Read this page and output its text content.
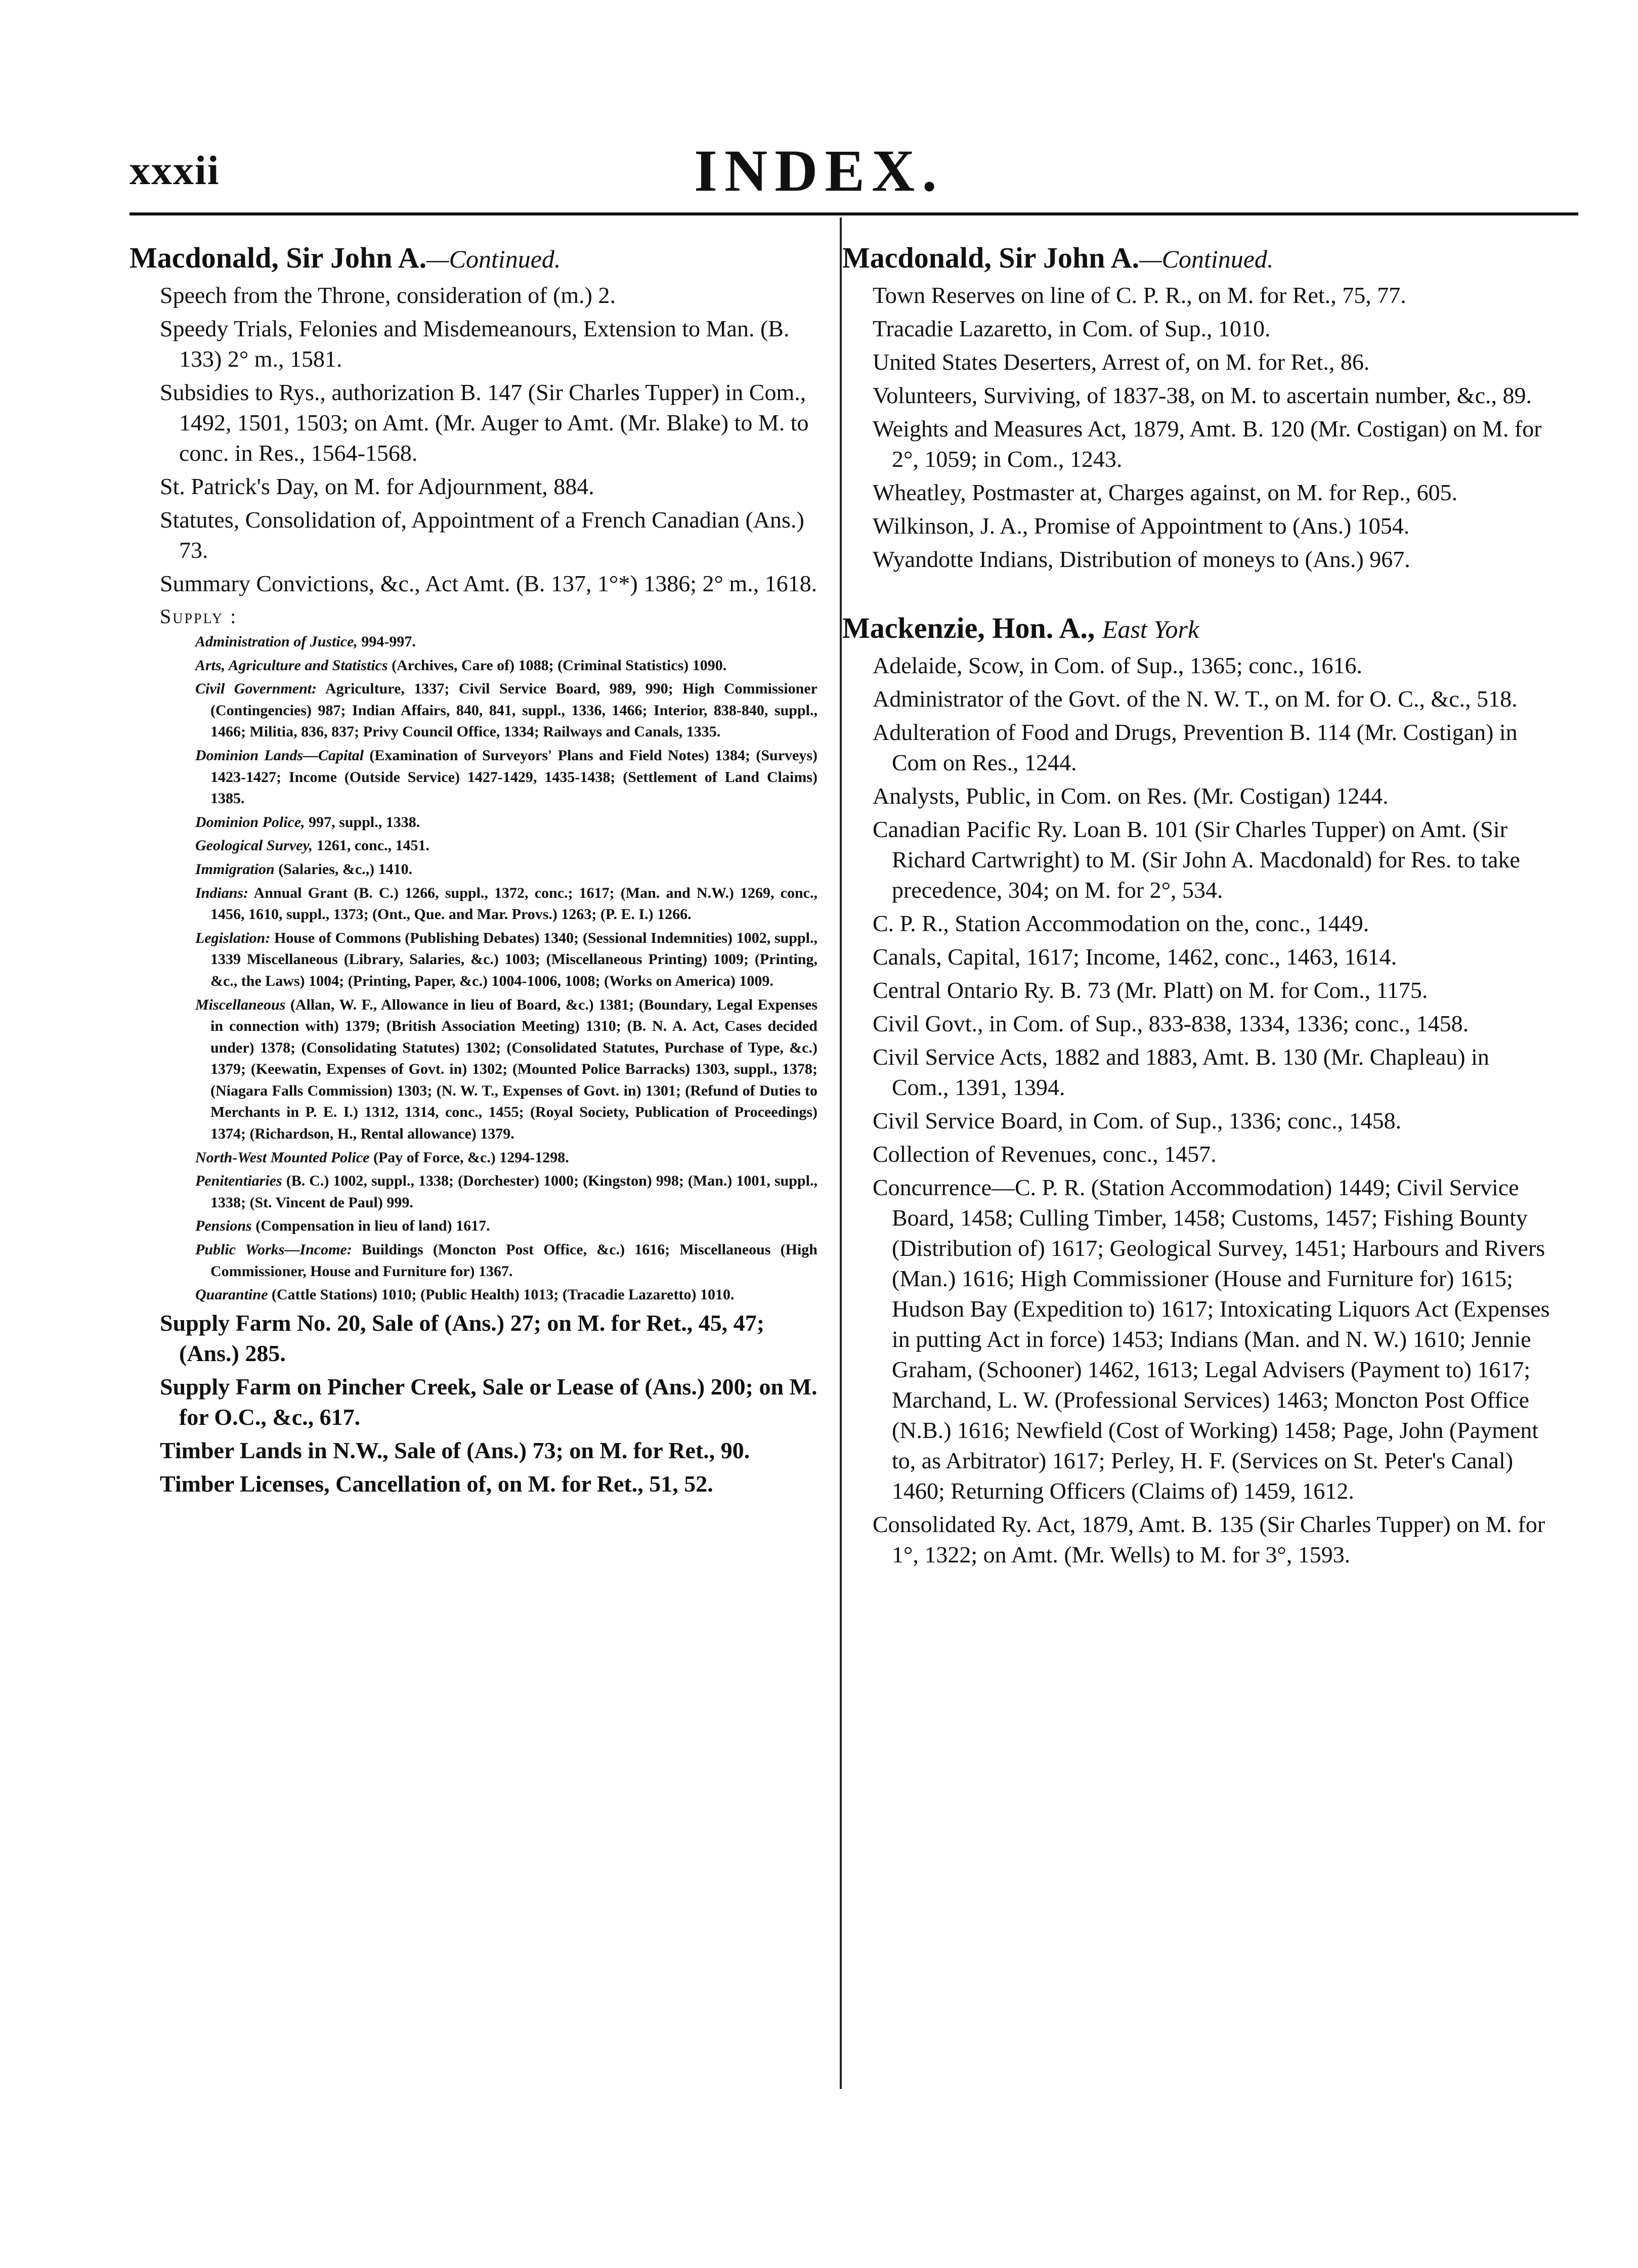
xxxii	INDEX.
Macdonald, Sir John A.—Continued.
Speech from the Throne, consideration of (m.) 2.
Speedy Trials, Felonies and Misdemeanours, Extension to Man. (B. 133) 2° m., 1581.
Subsidies to Rys., authorization B. 147 (Sir Charles Tupper) in Com., 1492, 1501, 1503; on Amt. (Mr. Auger to Amt. (Mr. Blake) to M. to conc. in Res., 1564-1568.
St. Patrick's Day, on M. for Adjournment, 884.
Statutes, Consolidation of, Appointment of a French Canadian (Ans.) 73.
Summary Convictions, &c., Act Amt. (B. 137, 1°*) 1386; 2° m., 1618.
Supply :
Administration of Justice, 994-997.
Arts, Agriculture and Statistics (Archives, Care of) 1088; (Criminal Statistics) 1090.
Civil Government: Agriculture, 1337; Civil Service Board, 989, 990; High Commissioner (Contingencies) 987; Indian Affairs, 840, 841, suppl., 1336, 1466; Interior, 838-840, suppl., 1466; Militia, 836, 837; Privy Council Office, 1334; Railways and Canals, 1335.
Dominion Lands—Capital (Examination of Surveyors' Plans and Field Notes) 1384; (Surveys) 1423-1427; Income (Outside Service) 1427-1429, 1435-1438; (Settlement of Land Claims) 1385.
Dominion Police, 997, suppl., 1338.
Geological Survey, 1261, conc., 1451.
Immigration (Salaries, &c.,) 1410.
Indians: Annual Grant (B. C.) 1266, suppl., 1372, conc.; 1617; (Man. and N.W.) 1269, conc., 1456, 1610, suppl., 1373; (Ont., Que. and Mar. Provs.) 1263; (P. E. I.) 1266.
Legislation: House of Commons (Publishing Debates) 1340; (Sessional Indemnities) 1002, suppl., 1339 Miscellaneous (Library, Salaries, &c.) 1003; (Miscellaneous Printing) 1009; (Printing, &c., the Laws) 1004; (Printing, Paper, &c.) 1004-1006, 1008; (Works on America) 1009.
Miscellaneous (Allan, W. F., Allowance in lieu of Board, &c.) 1381; (Boundary, Legal Expenses in connection with) 1379; (British Association Meeting) 1310; (B. N. A. Act, Cases decided under) 1378; (Consolidating Statutes) 1302; (Consolidated Statutes, Purchase of Type, &c.) 1379; (Keewatin, Expenses of Govt. in) 1302; (Mounted Police Barracks) 1303, suppl., 1378; (Niagara Falls Commission) 1303; (N. W. T., Expenses of Govt. in) 1301; (Refund of Duties to Merchants in P. E. I.) 1312, 1314, conc., 1455; (Royal Society, Publication of Proceedings) 1374; (Richardson, H., Rental allowance) 1379.
North-West Mounted Police (Pay of Force, &c.) 1294-1298.
Penitentiaries (B. C.) 1002, suppl., 1338; (Dorchester) 1000; (Kingston) 998; (Man.) 1001, suppl., 1338; (St. Vincent de Paul) 999.
Pensions (Compensation in lieu of land) 1617.
Public Works—Income: Buildings (Moncton Post Office, &c.) 1616; Miscellaneous (High Commissioner, House and Furniture for) 1367.
Quarantine (Cattle Stations) 1010; (Public Health) 1013; (Tracadie Lazaretto) 1010.
Supply Farm No. 20, Sale of (Ans.) 27; on M. for Ret., 45, 47; (Ans.) 285.
Supply Farm on Pincher Creek, Sale or Lease of (Ans.) 200; on M. for O.C., &c., 617.
Timber Lands in N.W., Sale of (Ans.) 73; on M. for Ret., 90.
Timber Licenses, Cancellation of, on M. for Ret., 51, 52.
Macdonald, Sir John A.—Continued.
Town Reserves on line of C. P. R., on M. for Ret., 75, 77.
Tracadie Lazaretto, in Com. of Sup., 1010.
United States Deserters, Arrest of, on M. for Ret., 86.
Volunteers, Surviving, of 1837-38, on M. to ascertain number, &c., 89.
Weights and Measures Act, 1879, Amt. B. 120 (Mr. Costigan) on M. for 2°, 1059; in Com., 1243.
Wheatley, Postmaster at, Charges against, on M. for Rep., 605.
Wilkinson, J. A., Promise of Appointment to (Ans.) 1054.
Wyandotte Indians, Distribution of moneys to (Ans.) 967.
Mackenzie, Hon. A., East York
Adelaide, Scow, in Com. of Sup., 1365; conc., 1616.
Administrator of the Govt. of the N. W. T., on M. for O. C., &c., 518.
Adulteration of Food and Drugs, Prevention B. 114 (Mr. Costigan) in Com on Res., 1244.
Analysts, Public, in Com. on Res. (Mr. Costigan) 1244.
Canadian Pacific Ry. Loan B. 101 (Sir Charles Tupper) on Amt. (Sir Richard Cartwright) to M. (Sir John A. Macdonald) for Res. to take precedence, 304; on M. for 2°, 534.
C. P. R., Station Accommodation on the, conc., 1449.
Canals, Capital, 1617; Income, 1462, conc., 1463, 1614.
Central Ontario Ry. B. 73 (Mr. Platt) on M. for Com., 1175.
Civil Govt., in Com. of Sup., 833-838, 1334, 1336; conc., 1458.
Civil Service Acts, 1882 and 1883, Amt. B. 130 (Mr. Chapleau) in Com., 1391, 1394.
Civil Service Board, in Com. of Sup., 1336; conc., 1458.
Collection of Revenues, conc., 1457.
Concurrence—C. P. R. (Station Accommodation) 1449; Civil Service Board, 1458; Culling Timber, 1458; Customs, 1457; Fishing Bounty (Distribution of) 1617; Geological Survey, 1451; Harbours and Rivers (Man.) 1616; High Commissioner (House and Furniture for) 1615; Hudson Bay (Expedition to) 1617; Intoxicating Liquors Act (Expenses in putting Act in force) 1453; Indians (Man. and N. W.) 1610; Jennie Graham, (Schooner) 1462, 1613; Legal Advisers (Payment to) 1617; Marchand, L. W. (Professional Services) 1463; Moncton Post Office (N.B.) 1616; Newfield (Cost of Working) 1458; Page, John (Payment to, as Arbitrator) 1617; Perley, H. F. (Services on St. Peter's Canal) 1460; Returning Officers (Claims of) 1459, 1612.
Consolidated Ry. Act, 1879, Amt. B. 135 (Sir Charles Tupper) on M. for 1°, 1322; on Amt. (Mr. Wells) to M. for 3°, 1593.
